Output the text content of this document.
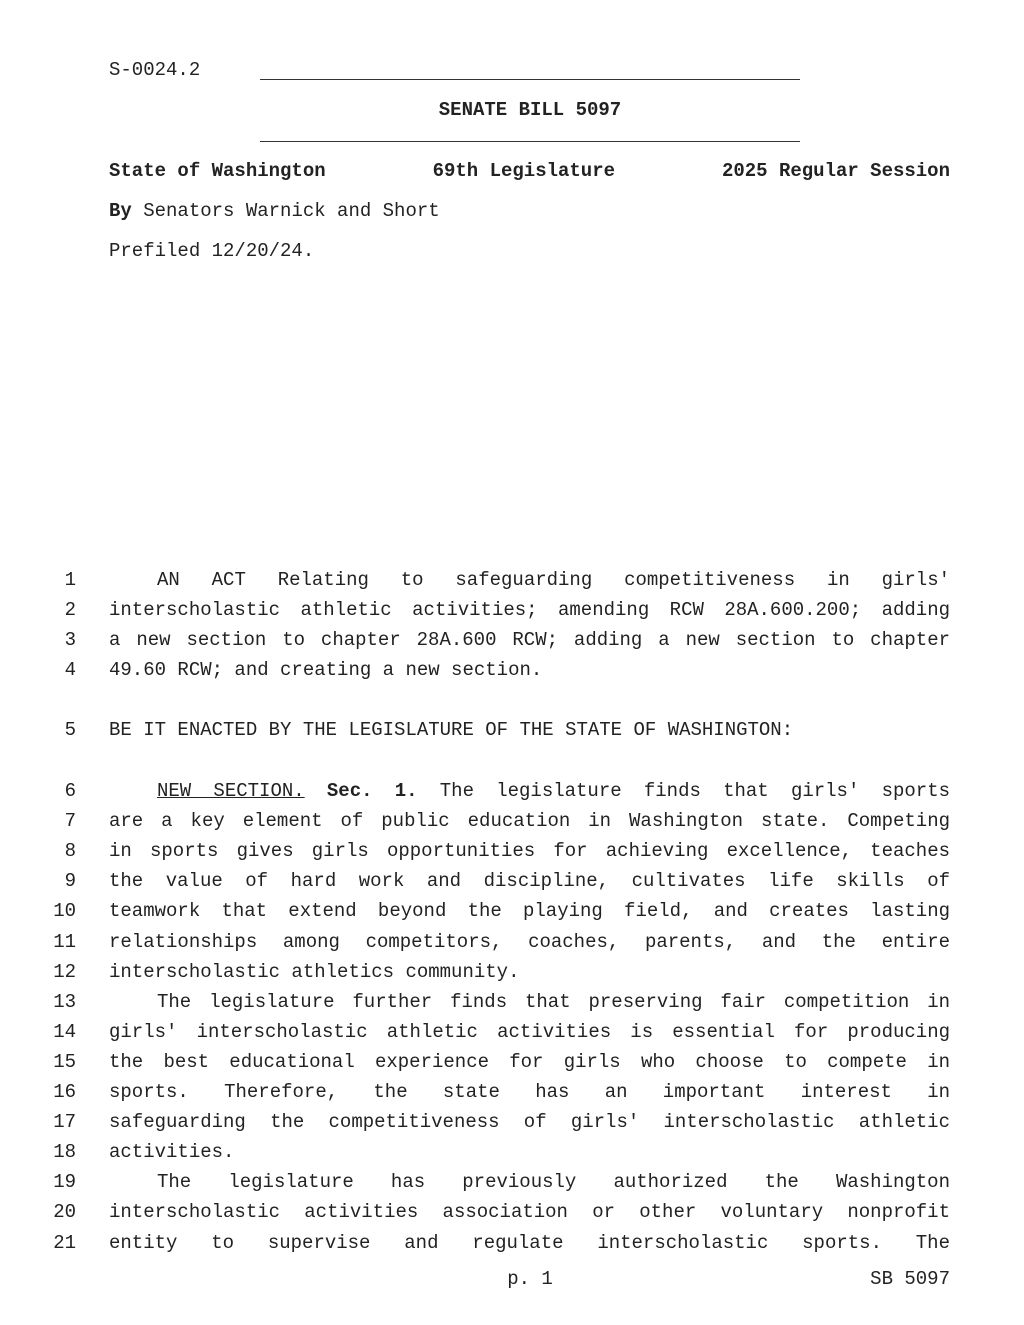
S-0024.2
SENATE BILL 5097
State of Washington	69th Legislature	2025 Regular Session
By Senators Warnick and Short
Prefiled 12/20/24.
1	AN ACT Relating to safeguarding competitiveness in girls'
2 interscholastic athletic activities; amending RCW 28A.600.200; adding
3 a new section to chapter 28A.600 RCW; adding a new section to chapter
4 49.60 RCW; and creating a new section.
5 BE IT ENACTED BY THE LEGISLATURE OF THE STATE OF WASHINGTON:
6	NEW SECTION. Sec. 1. The legislature finds that girls' sports
7 are a key element of public education in Washington state. Competing
8 in sports gives girls opportunities for achieving excellence, teaches
9 the value of hard work and discipline, cultivates life skills of
10 teamwork that extend beyond the playing field, and creates lasting
11 relationships among competitors, coaches, parents, and the entire
12 interscholastic athletics community.
13	The legislature further finds that preserving fair competition in
14 girls' interscholastic athletic activities is essential for producing
15 the best educational experience for girls who choose to compete in
16 sports. Therefore, the state has an important interest in
17 safeguarding the competitiveness of girls' interscholastic athletic
18 activities.
19	The legislature has previously authorized the Washington
20 interscholastic activities association or other voluntary nonprofit
21 entity to supervise and regulate interscholastic sports. The
p. 1	SB 5097
